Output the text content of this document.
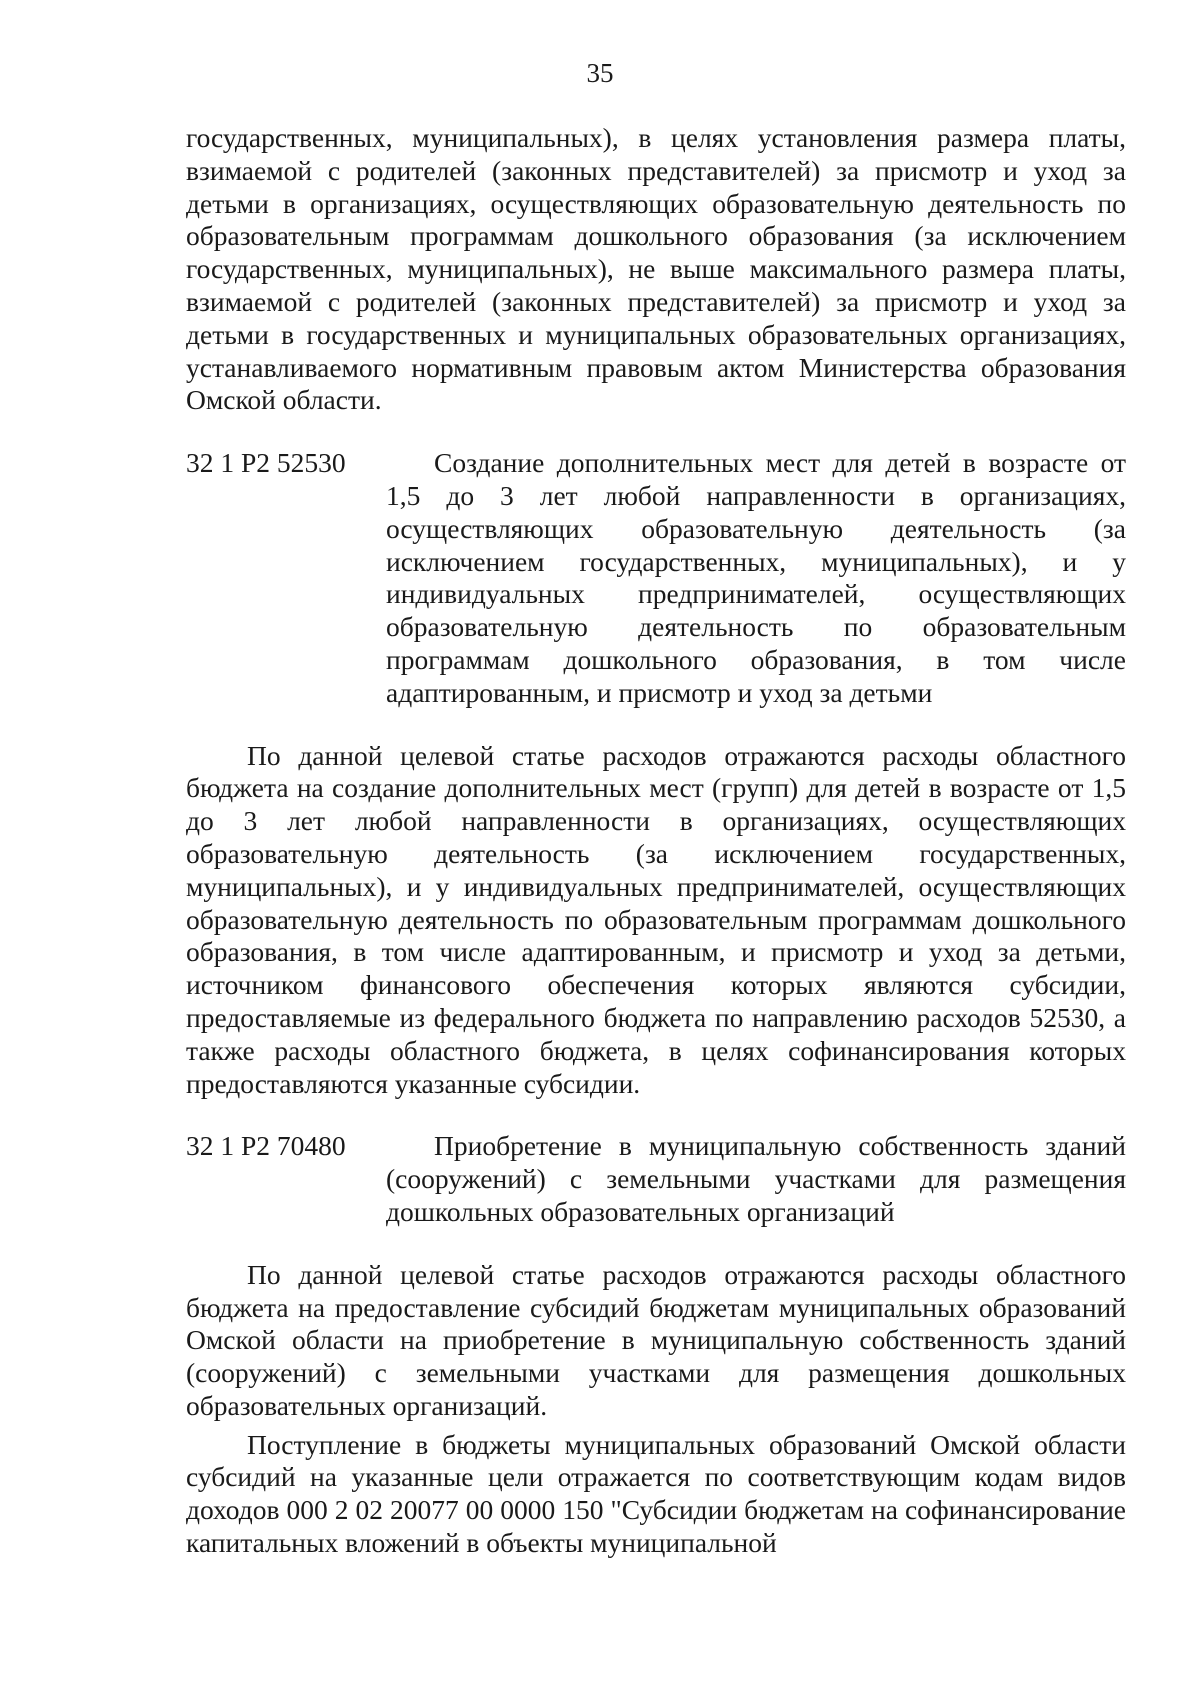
35

государственных, муниципальных), в целях установления размера платы, взимаемой с родителей (законных представителей) за присмотр и уход за детьми в организациях, осуществляющих образовательную деятельность по образовательным программам дошкольного образования (за исключением государственных, муниципальных), не выше максимального размера платы, взимаемой с родителей (законных представителей) за присмотр и уход за детьми в государственных и муниципальных образовательных организациях, устанавливаемого нормативным правовым актом Министерства образования Омской области.

32 1 P2 52530	Создание дополнительных мест для детей в возрасте от 1,5 до 3 лет любой направленности в организациях, осуществляющих образовательную деятельность (за исключением государственных, муниципальных), и у индивидуальных предпринимателей, осуществляющих образовательную деятельность по образовательным программам дошкольного образования, в том числе адаптированным, и присмотр и уход за детьми

По данной целевой статье расходов отражаются расходы областного бюджета на создание дополнительных мест (групп) для детей в возрасте от 1,5 до 3 лет любой направленности в организациях, осуществляющих образовательную деятельность (за исключением государственных, муниципальных), и у индивидуальных предпринимателей, осуществляющих образовательную деятельность по образовательным программам дошкольного образования, в том числе адаптированным, и присмотр и уход за детьми, источником финансового обеспечения которых являются субсидии, предоставляемые из федерального бюджета по направлению расходов 52530, а также расходы областного бюджета, в целях софинансирования которых предоставляются указанные субсидии.

32 1 P2 70480	Приобретение в муниципальную собственность зданий (сооружений) с земельными участками для размещения дошкольных образовательных организаций

По данной целевой статье расходов отражаются расходы областного бюджета на предоставление субсидий бюджетам муниципальных образований Омской области на приобретение в муниципальную собственность зданий (сооружений) с земельными участками для размещения дошкольных образовательных организаций.

Поступление в бюджеты муниципальных образований Омской области субсидий на указанные цели отражается по соответствующим кодам видов доходов 000 2 02 20077 00 0000 150 "Субсидии бюджетам на софинансирование капитальных вложений в объекты муниципальной
